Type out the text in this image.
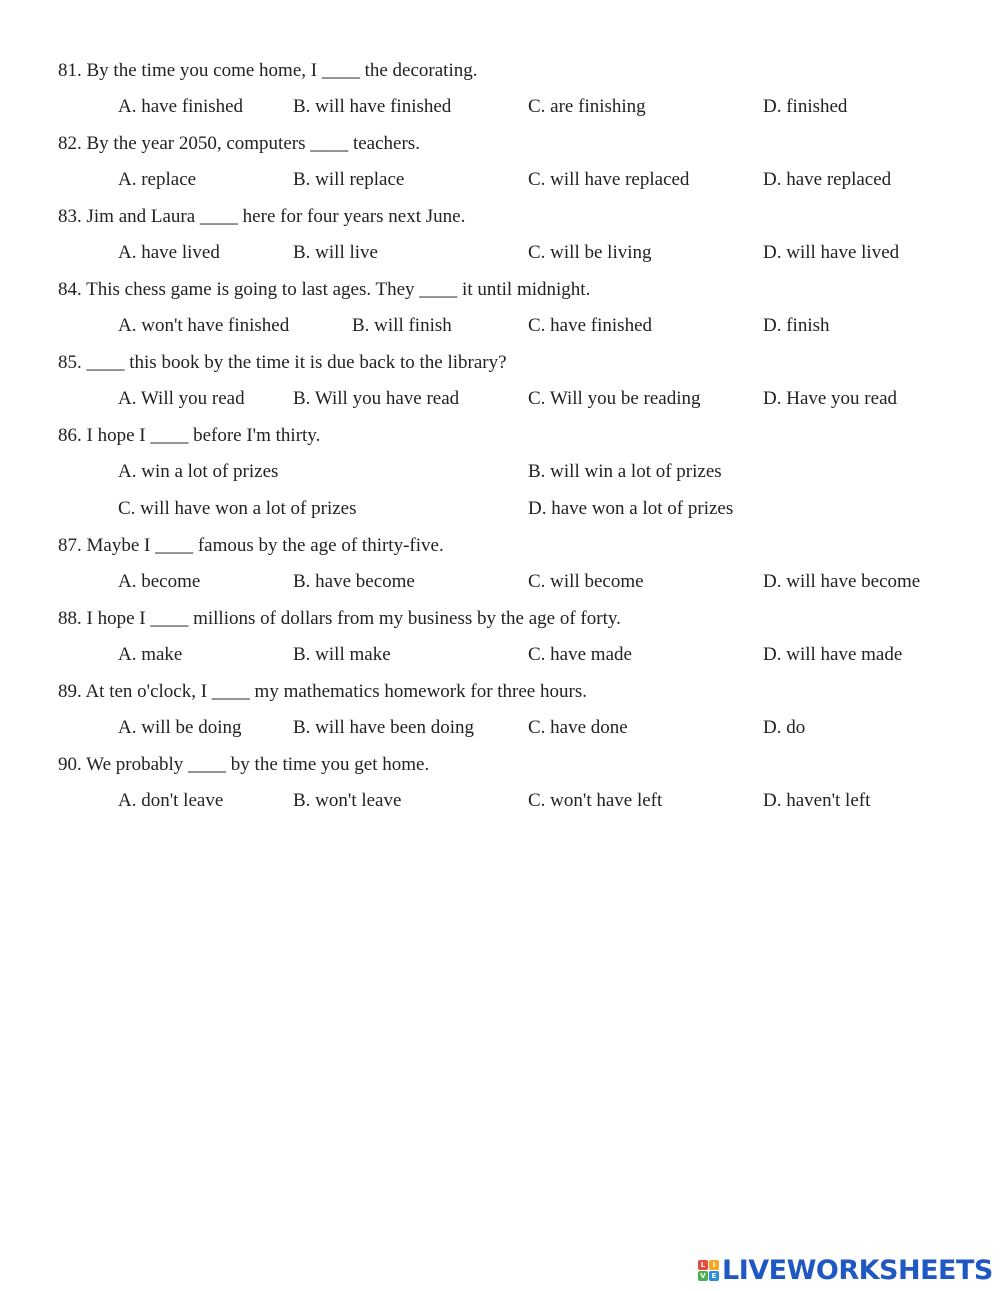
81. By the time you come home, I ____ the decorating.
A. have finished	B. will have finished	C. are finishing	D. finished
82. By the year 2050, computers ____ teachers.
A. replace	B. will replace	C. will have replaced	D. have replaced
83. Jim and Laura ____ here for four years next June.
A. have lived	B. will live	C. will be living	D. will have lived
84. This chess game is going to last ages. They ____ it until midnight.
A. won't have finished	B. will finish	C. have finished	D. finish
85. ____ this book by the time it is due back to the library?
A. Will you read	B. Will you have read	C. Will you be reading	D. Have you read
86. I hope I ____ before I'm thirty.
A. win a lot of prizes	B. will win a lot of prizes
C. will have won a lot of prizes	D. have won a lot of prizes
87. Maybe I ____ famous by the age of thirty-five.
A. become	B. have become	C. will become	D. will have become
88. I hope I ____ millions of dollars from my business by the age of forty.
A. make	B. will make	C. have made	D. will have made
89. At ten o'clock, I ____ my mathematics homework for three hours.
A. will be doing	B. will have been doing	C. have done	D. do
90. We probably ____ by the time you get home.
A. don't leave	B. won't leave	C. won't have left	D. haven't left
L	I
V E LIVEWORKSHEETS
